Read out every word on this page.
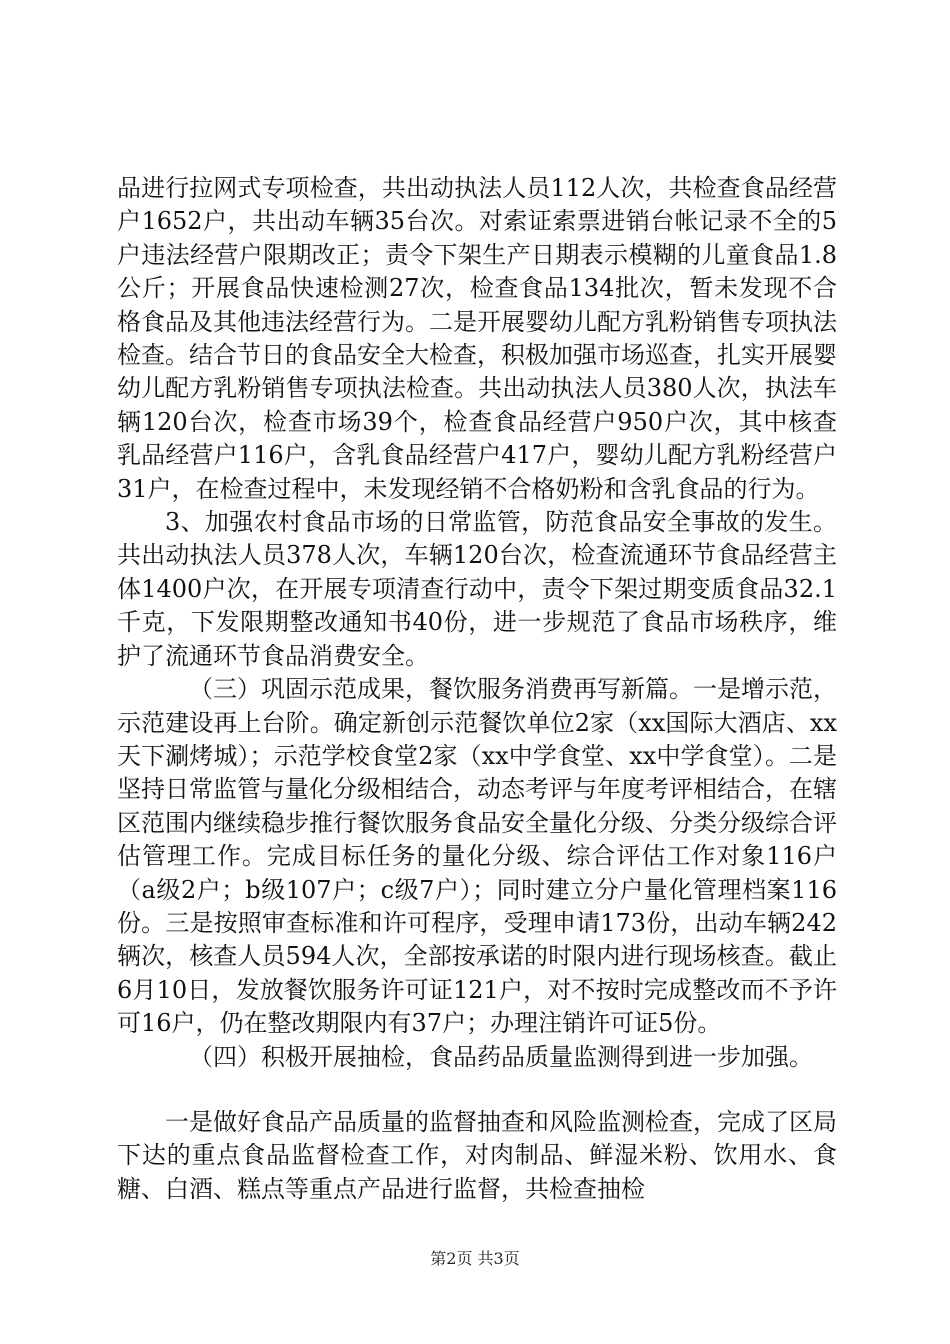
品进行拉网式专项检查，共出动执法人员112人次，共检查食品经营户1652户，共出动车辆35台次。对索证索票进销台帐记录不全的5户违法经营户限期改正；责令下架生产日期表示模糊的儿童食品1.8公斤；开展食品快速检测27次，检查食品134批次，暂未发现不合格食品及其他违法经营行为。二是开展婴幼儿配方乳粉销售专项执法检查。结合节日的食品安全大检查，积极加强市场巡查，扎实开展婴幼儿配方乳粉销售专项执法检查。共出动执法人员380人次，执法车辆120台次，检查市场39个，检查食品经营户950户次，其中核查乳品经营户116户，含乳食品经营户417户，婴幼儿配方乳粉经营户31户，在检查过程中，未发现经销不合格奶粉和含乳食品的行为。

3、加强农村食品市场的日常监管，防范食品安全事故的发生。共出动执法人员378人次，车辆120台次，检查流通环节食品经营主体1400户次，在开展专项清查行动中，责令下架过期变质食品32.1千克，下发限期整改通知书40份，进一步规范了食品市场秩序，维护了流通环节食品消费安全。

（三）巩固示范成果，餐饮服务消费再写新篇。一是增示范，示范建设再上台阶。确定新创示范餐饮单位2家（xx国际大酒店、xx天下涮烤城）；示范学校食堂2家（xx中学食堂、xx中学食堂）。二是坚持日常监管与量化分级相结合，动态考评与年度考评相结合，在辖区范围内继续稳步推行餐饮服务食品安全量化分级、分类分级综合评估管理工作。完成目标任务的量化分级、综合评估工作对象116户（a级2户；b级107户；c级7户）；同时建立分户量化管理档案116份。三是按照审查标准和许可程序，受理申请173份，出动车辆242辆次，核查人员594人次，全部按承诺的时限内进行现场核查。截止6月10日，发放餐饮服务许可证121户，对不按时完成整改而不予许可16户，仍在整改期限内有37户；办理注销许可证5份。

（四）积极开展抽检，食品药品质量监测得到进一步加强。

一是做好食品产品质量的监督抽查和风险监测检查，完成了区局下达的重点食品监督检查工作，对肉制品、鲜湿米粉、饮用水、食糖、白酒、糕点等重点产品进行监督，共检查抽检

第2页 共3页
